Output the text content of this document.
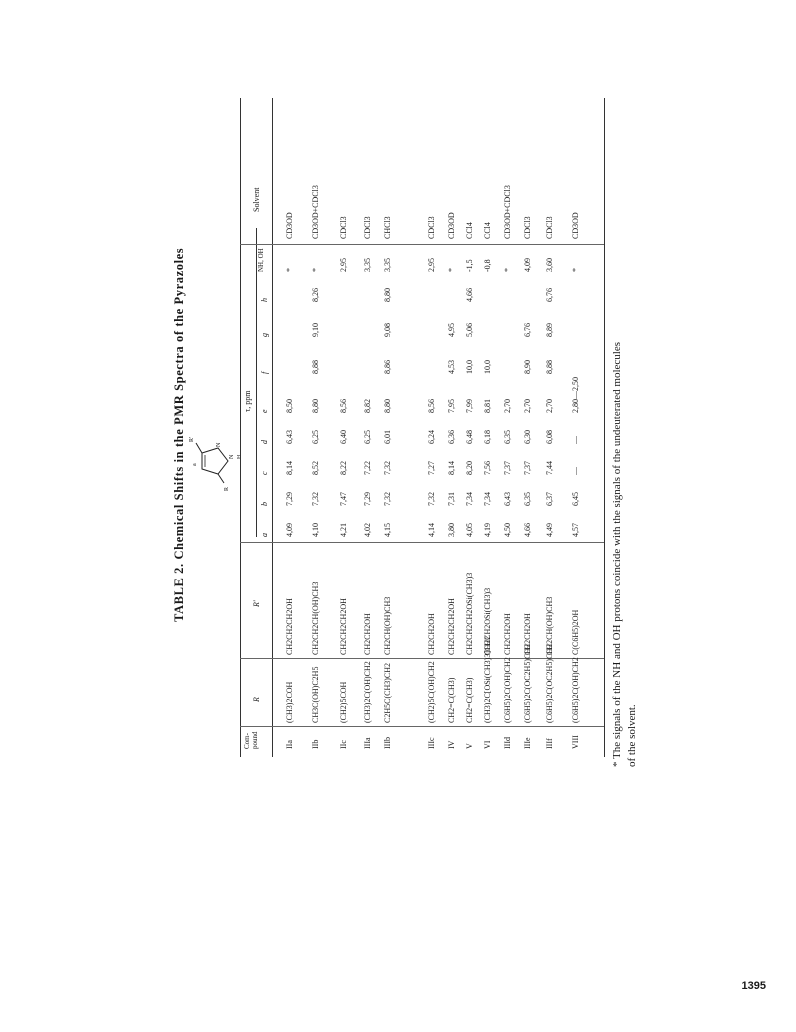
TABLE 2. Chemical Shifts in the PMR Spectra of the Pyrazoles a
R'
N
N H
R
Com-pound
R
R'
τ, ppm
a
b
c
d
e
f
g
h
NH, OH
Solvent
IIa
(CH3)2COH
CH2CH2CH2OH
4,09
7,29
8,14
6,43
8,50
*
CD3OD
IIb
CH3C(OH)C2H5
CH2CH2CH(OH)CH3
4,10
7,32
8,52
6,25
8,80
8,88
9,10
8,26
*
CD3OD+CDCl3
IIc
(CH2)5COH
CH2CH2CH2OH
4,21
7,47
8,22
6,40
8,56
2,95
CDCl3
IIIa
(CH3)2C(OH)CH2
CH2CH2OH
4,02
7,29
7,22
6,25
8,82
3,35
CDCl3
IIIb
C2H5C(CH3)CH2
CH2CH(OH)CH3
4,15
7,32
7,32
6,01
8,80
8,86
9,08
8,80
3,35
CHCl3
IIIc
(CH2)5C(OH)CH2
CH2CH2OH
4,14
7,32
7,27
6,24
8,56
2,95
CDCl3
IV
CH2=C(CH3)
CH2CH2CH2OH
3,80
7,31
8,14
6,36
7,95
4,53
4,95
*
CD3OD
V
CH2=C(CH3)
CH2CH2CH2OSi(CH3)3
4,05
7,34
8,20
6,48
7,99
10,0
5,06
4,66
-1,5
CCl4
VI
(CH3)2C[OSi(CH3)3]CH2
CH2CH2OSi(CH3)3
4,19
7,34
7,56
6,18
8,81
10,0
-0,8
CCl4
IIId
(C6H5)2C(OH)CH2
CH2CH2OH
4,50
6,43
7,37
6,35
2,70
*
CD3OD+CDCl3
IIIe
(C6H5)2C(OC2H5)CH2
CH2CH2OH
4,66
6,35
7,37
6,30
2,70
8,90
6,76
4,09
CDCl3
IIIf
(C6H5)2C(OC2H5)CH2
CH2CH(OH)CH3
4,49
6,37
7,44
6,08
2,70
8,88
8,89
6,76
3,60
CDCl3
VIII
(C6H5)2C(OH)CH2
C(C6H5)2OH
4,57
6,45
—
—
2,80—2,50
*
CD3OD
* The signals of the NH and OH protons coincide with the signals of the undeuterated molecules of the solvent.
1395
